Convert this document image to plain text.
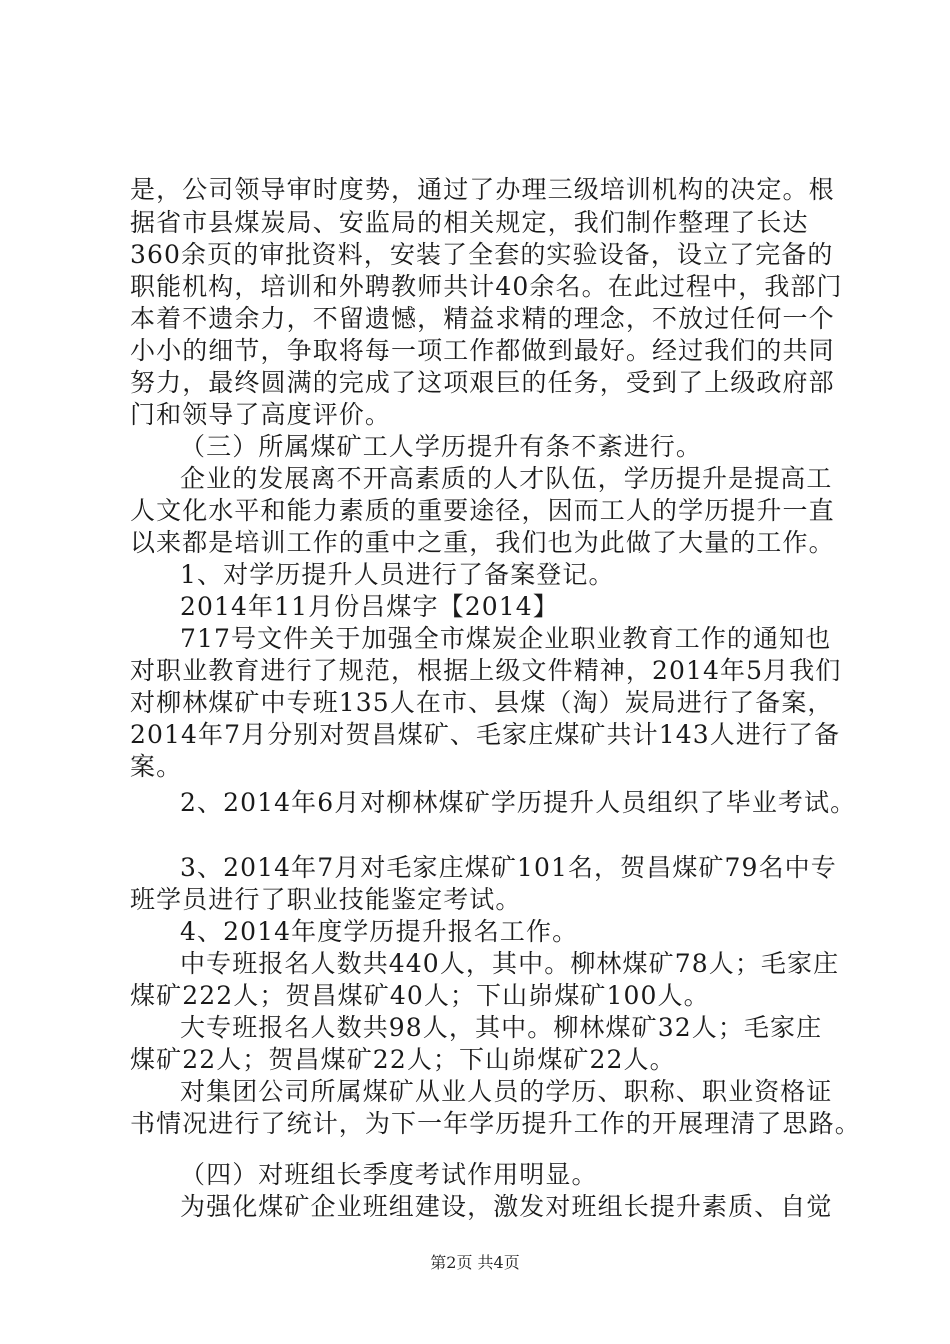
是，公司领导审时度势，通过了办理三级培训机构的决定。根
据省市县煤炭局、安监局的相关规定，我们制作整理了长达
360余页的审批资料，安装了全套的实验设备，设立了完备的
职能机构，培训和外聘教师共计40余名。在此过程中，我部门
本着不遗余力，不留遗憾，精益求精的理念，不放过任何一个
小小的细节，争取将每一项工作都做到最好。经过我们的共同
努力，最终圆满的完成了这项艰巨的任务，受到了上级政府部
门和领导了高度评价。
（三）所属煤矿工人学历提升有条不紊进行。
企业的发展离不开高素质的人才队伍，学历提升是提高工
人文化水平和能力素质的重要途径，因而工人的学历提升一直
以来都是培训工作的重中之重，我们也为此做了大量的工作。
1、对学历提升人员进行了备案登记。
2014年11月份吕煤字【2014】
717号文件关于加强全市煤炭企业职业教育工作的通知也
对职业教育进行了规范，根据上级文件精神，2014年5月我们
对柳林煤矿中专班135人在市、县煤（淘）炭局进行了备案，
2014年7月分别对贺昌煤矿、毛家庄煤矿共计143人进行了备
案。
2、2014年6月对柳林煤矿学历提升人员组织了毕业考试。
3、2014年7月对毛家庄煤矿101名，贺昌煤矿79名中专
班学员进行了职业技能鉴定考试。
4、2014年度学历提升报名工作。
中专班报名人数共440人，其中。柳林煤矿78人；毛家庄
煤矿222人；贺昌煤矿40人；下山峁煤矿100人。
大专班报名人数共98人，其中。柳林煤矿32人；毛家庄
煤矿22人；贺昌煤矿22人；下山峁煤矿22人。
对集团公司所属煤矿从业人员的学历、职称、职业资格证
书情况进行了统计，为下一年学历提升工作的开展理清了思路。
（四）对班组长季度考试作用明显。
为强化煤矿企业班组建设，激发对班组长提升素质、自觉
第2页 共4页
